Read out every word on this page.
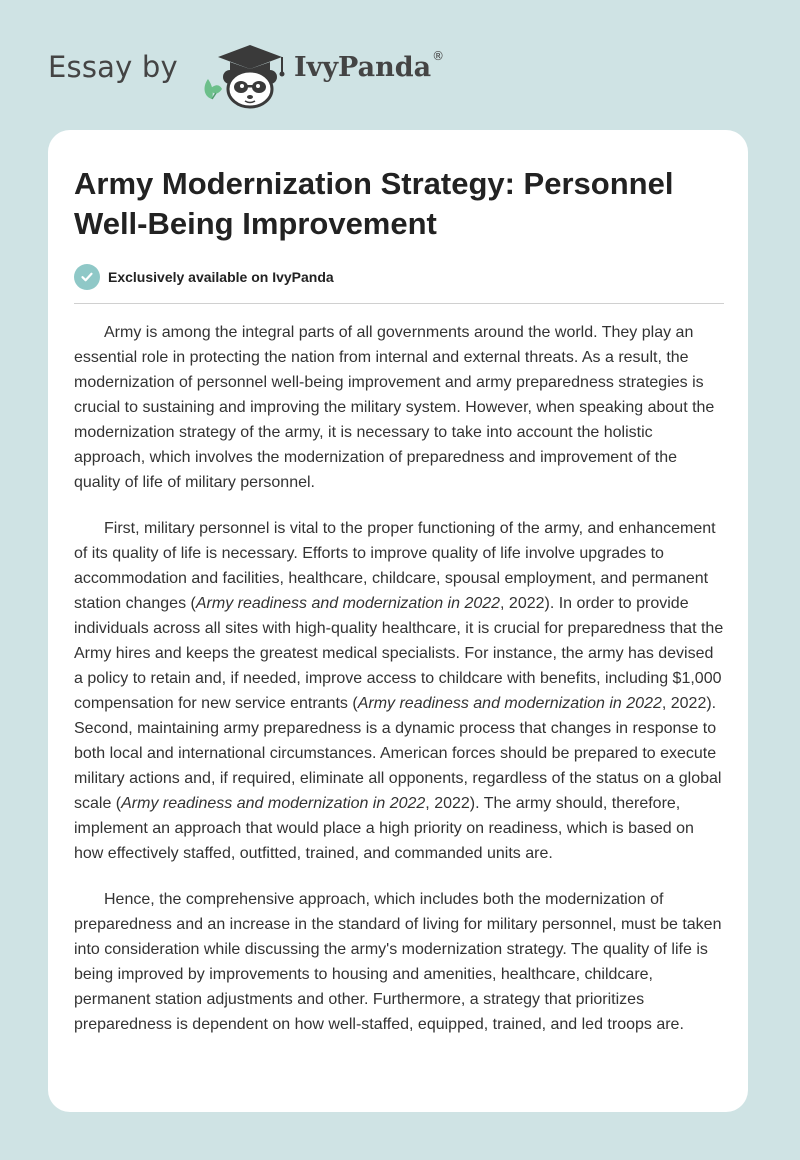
Essay by	IvyPanda®
Army Modernization Strategy: Personnel Well-Being Improvement
Exclusively available on IvyPanda

Army is among the integral parts of all governments around the world. They play an essential role in protecting the nation from internal and external threats. As a result, the modernization of personnel well-being improvement and army preparedness strategies is crucial to sustaining and improving the military system. However, when speaking about the modernization strategy of the army, it is necessary to take into account the holistic approach, which involves the modernization of preparedness and improvement of the quality of life of military personnel.

First, military personnel is vital to the proper functioning of the army, and enhancement of its quality of life is necessary. Efforts to improve quality of life involve upgrades to accommodation and facilities, healthcare, childcare, spousal employment, and permanent station changes (Army readiness and modernization in 2022, 2022). In order to provide individuals across all sites with high-quality healthcare, it is crucial for preparedness that the Army hires and keeps the greatest medical specialists. For instance, the army has devised a policy to retain and, if needed, improve access to childcare with benefits, including $1,000 compensation for new service entrants (Army readiness and modernization in 2022, 2022). Second, maintaining army preparedness is a dynamic process that changes in response to both local and international circumstances. American forces should be prepared to execute military actions and, if required, eliminate all opponents, regardless of the status on a global scale (Army readiness and modernization in 2022, 2022). The army should, therefore, implement an approach that would place a high priority on readiness, which is based on how effectively staffed, outfitted, trained, and commanded units are.

Hence, the comprehensive approach, which includes both the modernization of preparedness and an increase in the standard of living for military personnel, must be taken into consideration while discussing the army's modernization strategy. The quality of life is being improved by improvements to housing and amenities, healthcare, childcare, permanent station adjustments and other. Furthermore, a strategy that prioritizes preparedness is dependent on how well-staffed, equipped, trained, and led troops are.
